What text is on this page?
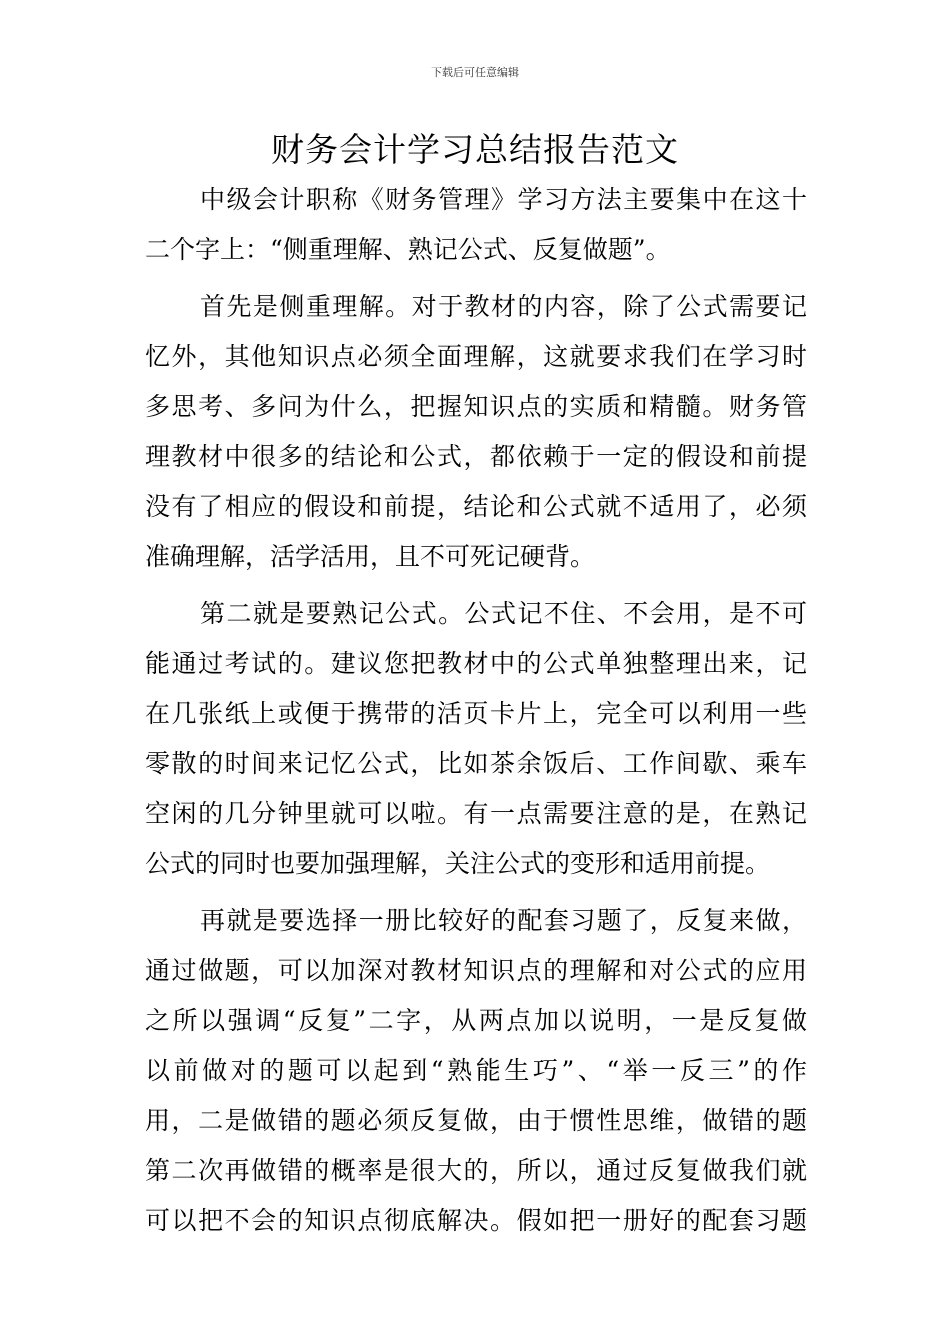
下载后可任意编辑
财务会计学习总结报告范文
中级会计职称《财务管理》学习方法主要集中在这十
二个字上：“侧重理解、熟记公式、反复做题”。
首先是侧重理解。对于教材的内容，除了公式需要记
忆外，其他知识点必须全面理解，这就要求我们在学习时
多思考、多问为什么，把握知识点的实质和精髓。财务管
理教材中很多的结论和公式，都依赖于一定的假设和前提
没有了相应的假设和前提，结论和公式就不适用了，必须
准确理解，活学活用，且不可死记硬背。
第二就是要熟记公式。公式记不住、不会用，是不可
能通过考试的。建议您把教材中的公式单独整理出来，记
在几张纸上或便于携带的活页卡片上，完全可以利用一些
零散的时间来记忆公式，比如茶余饭后、工作间歇、乘车
空闲的几分钟里就可以啦。有一点需要注意的是，在熟记
公式的同时也要加强理解，关注公式的变形和适用前提。
再就是要选择一册比较好的配套习题了，反复来做，
通过做题，可以加深对教材知识点的理解和对公式的应用
之所以强调“反复”二字，从两点加以说明，一是反复做
以前做对的题可以起到“熟能生巧”、“举一反三”的作
用，二是做错的题必须反复做，由于惯性思维，做错的题
第二次再做错的概率是很大的，所以，通过反复做我们就
可以把不会的知识点彻底解决。假如把一册好的配套习题
